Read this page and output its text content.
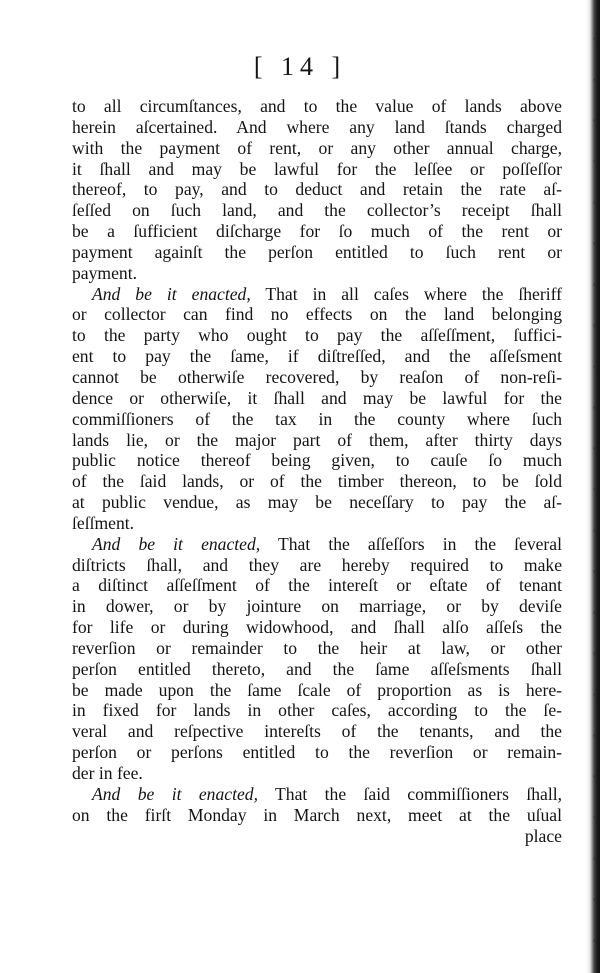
[ 14 ]
to all circumſtances, and to the value of lands above
herein aſcertained. And where any land ſtands charged
with the payment of rent, or any other annual charge,
it ſhall and may be lawful for the leſſee or poſſeſſor
thereof, to pay, and to deduct and retain the rate aſ-
ſeſſed on ſuch land, and the collector’s receipt ſhall
be a ſufficient diſcharge for ſo much of the rent or
payment againſt the perſon entitled to ſuch rent or
payment.
And be it enacted, That in all caſes where the ſheriff
or collector can find no effects on the land belonging
to the party who ought to pay the aſſeſſment, ſuffici-
ent to pay the ſame, if diſtreſſed, and the aſſeſsment
cannot be otherwiſe recovered, by reaſon of non-reſi-
dence or otherwiſe, it ſhall and may be lawful for the
commiſſioners of the tax in the county where ſuch
lands lie, or the major part of them, after thirty days
public notice thereof being given, to cauſe ſo much
of the ſaid lands, or of the timber thereon, to be ſold
at public vendue, as may be neceſſary to pay the aſ-
ſeſſment.
And be it enacted, That the aſſeſſors in the ſeveral
diſtricts ſhall, and they are hereby required to make
a diſtinct aſſeſſment of the intereſt or eſtate of tenant
in dower, or by jointure on marriage, or by deviſe
for life or during widowhood, and ſhall alſo aſſeſs the
reverſion or remainder to the heir at law, or other
perſon entitled thereto, and the ſame aſſeſsments ſhall
be made upon the ſame ſcale of proportion as is here-
in fixed for lands in other caſes, according to the ſe-
veral and reſpective intereſts of the tenants, and the
perſon or perſons entitled to the reverſion or remain-
der in fee.
And be it enacted, That the ſaid commiſſioners ſhall,
on the firſt Monday in March next, meet at the uſual
place
